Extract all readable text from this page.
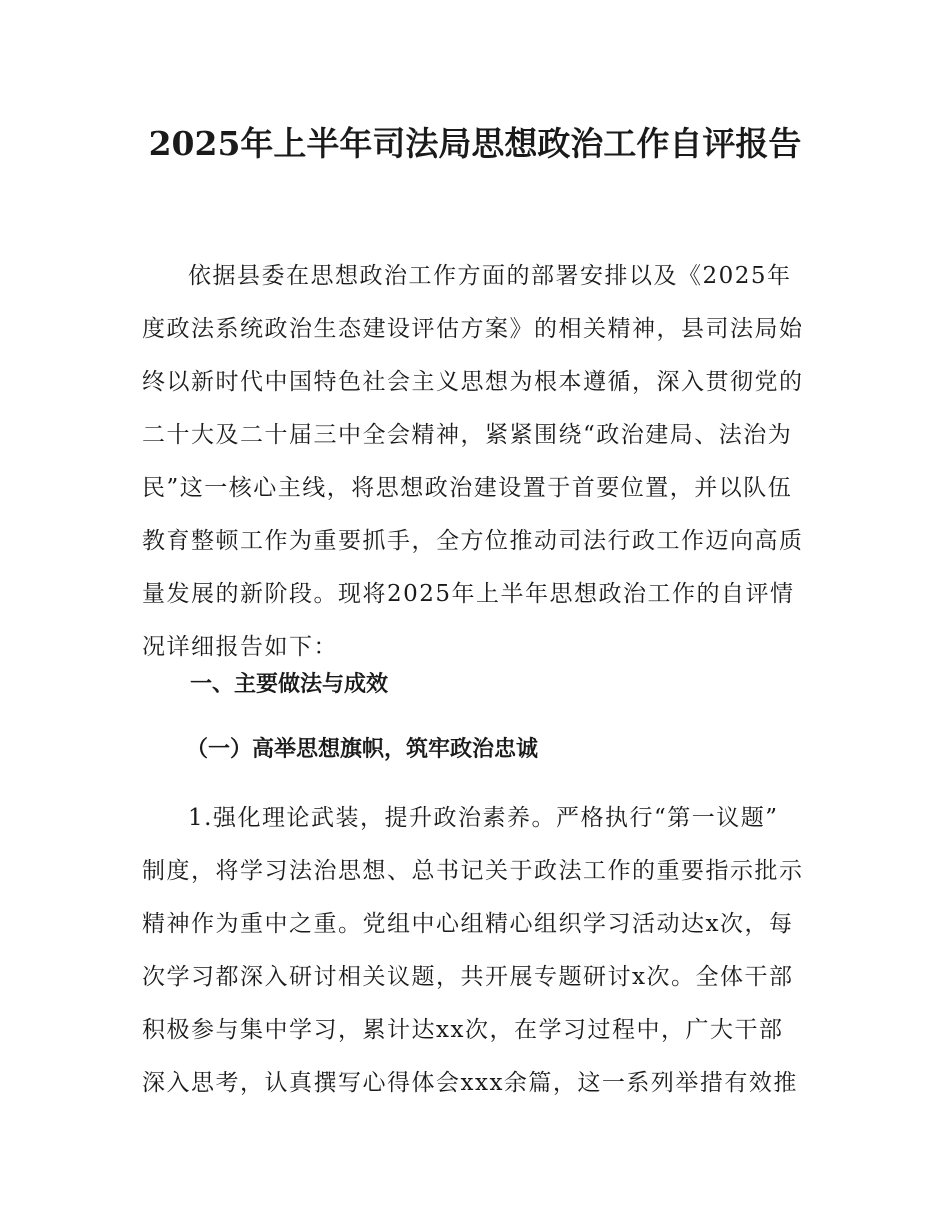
2025年上半年司法局思想政治工作自评报告

依据县委在思想政治工作方面的部署安排以及《2025年
度政法系统政治生态建设评估方案》的相关精神，县司法局始
终以新时代中国特色社会主义思想为根本遵循，深入贯彻党的
二十大及二十届三中全会精神，紧紧围绕“政治建局、法治为
民”这一核心主线，将思想政治建设置于首要位置，并以队伍
教育整顿工作为重要抓手，全方位推动司法行政工作迈向高质
量发展的新阶段。现将2025年上半年思想政治工作的自评情
况详细报告如下：

一、主要做法与成效
（一）高举思想旗帜，筑牢政治忠诚

1.强化理论武装，提升政治素养。严格执行“第一议题”
制度，将学习法治思想、总书记关于政法工作的重要指示批示
精神作为重中之重。党组中心组精心组织学习活动达x次，每
次学习都深入研讨相关议题，共开展专题研讨x次。全体干部
积极参与集中学习，累计达xx次，在学习过程中，广大干部
深入思考，认真撰写心得体会xxx余篇，这一系列举措有效推
